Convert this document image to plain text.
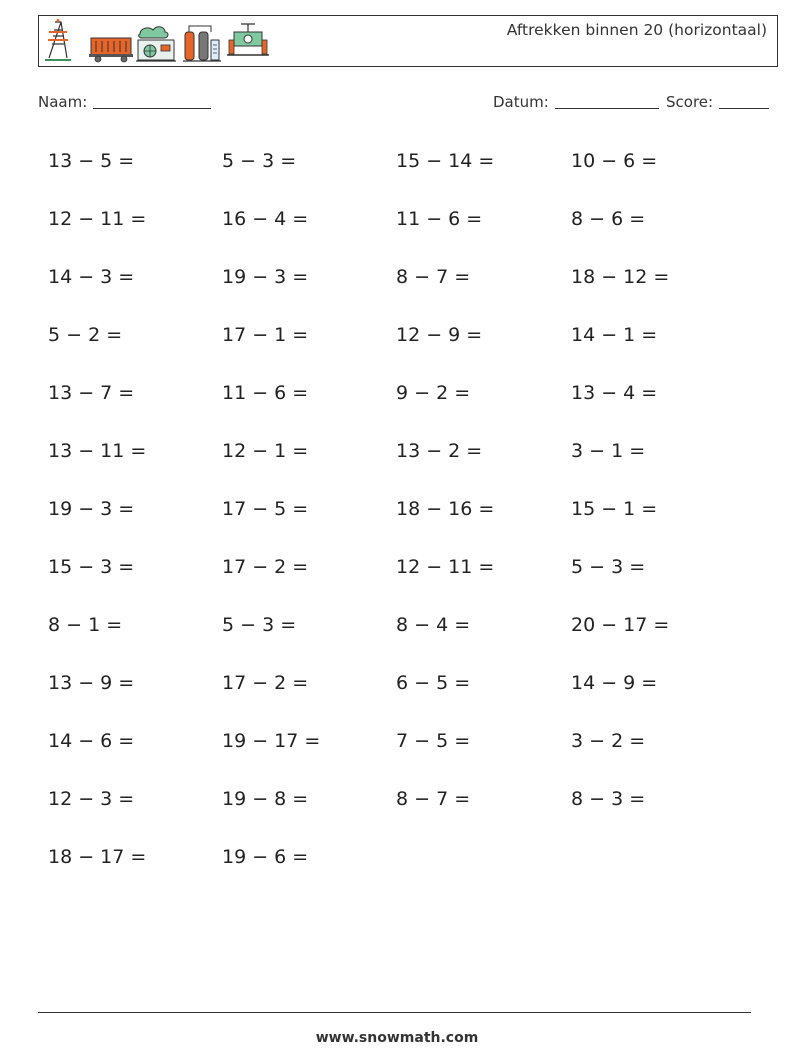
Aftrekken binnen 20 (horizontaal)
Naam:	Datum:	Score:
13 − 5 =	5 − 3 =	15 − 14 =	10 − 6 =
12 − 11 =	16 − 4 =	11 − 6 =	8 − 6 =
14 − 3 =	19 − 3 =	8 − 7 =	18 − 12 =
5 − 2 =	17 − 1 =	12 − 9 =	14 − 1 =
13 − 7 =	11 − 6 =	9 − 2 =	13 − 4 =
13 − 11 =	12 − 1 =	13 − 2 =	3 − 1 =
19 − 3 =	17 − 5 =	18 − 16 =	15 − 1 =
15 − 3 =	17 − 2 =	12 − 11 =	5 − 3 =
8 − 1 =	5 − 3 =	8 − 4 =	20 − 17 =
13 − 9 =	17 − 2 =	6 − 5 =	14 − 9 =
14 − 6 =	19 − 17 =	7 − 5 =	3 − 2 =
12 − 3 =	19 − 8 =	8 − 7 =	8 − 3 =
18 − 17 =	19 − 6 =
www.snowmath.com
